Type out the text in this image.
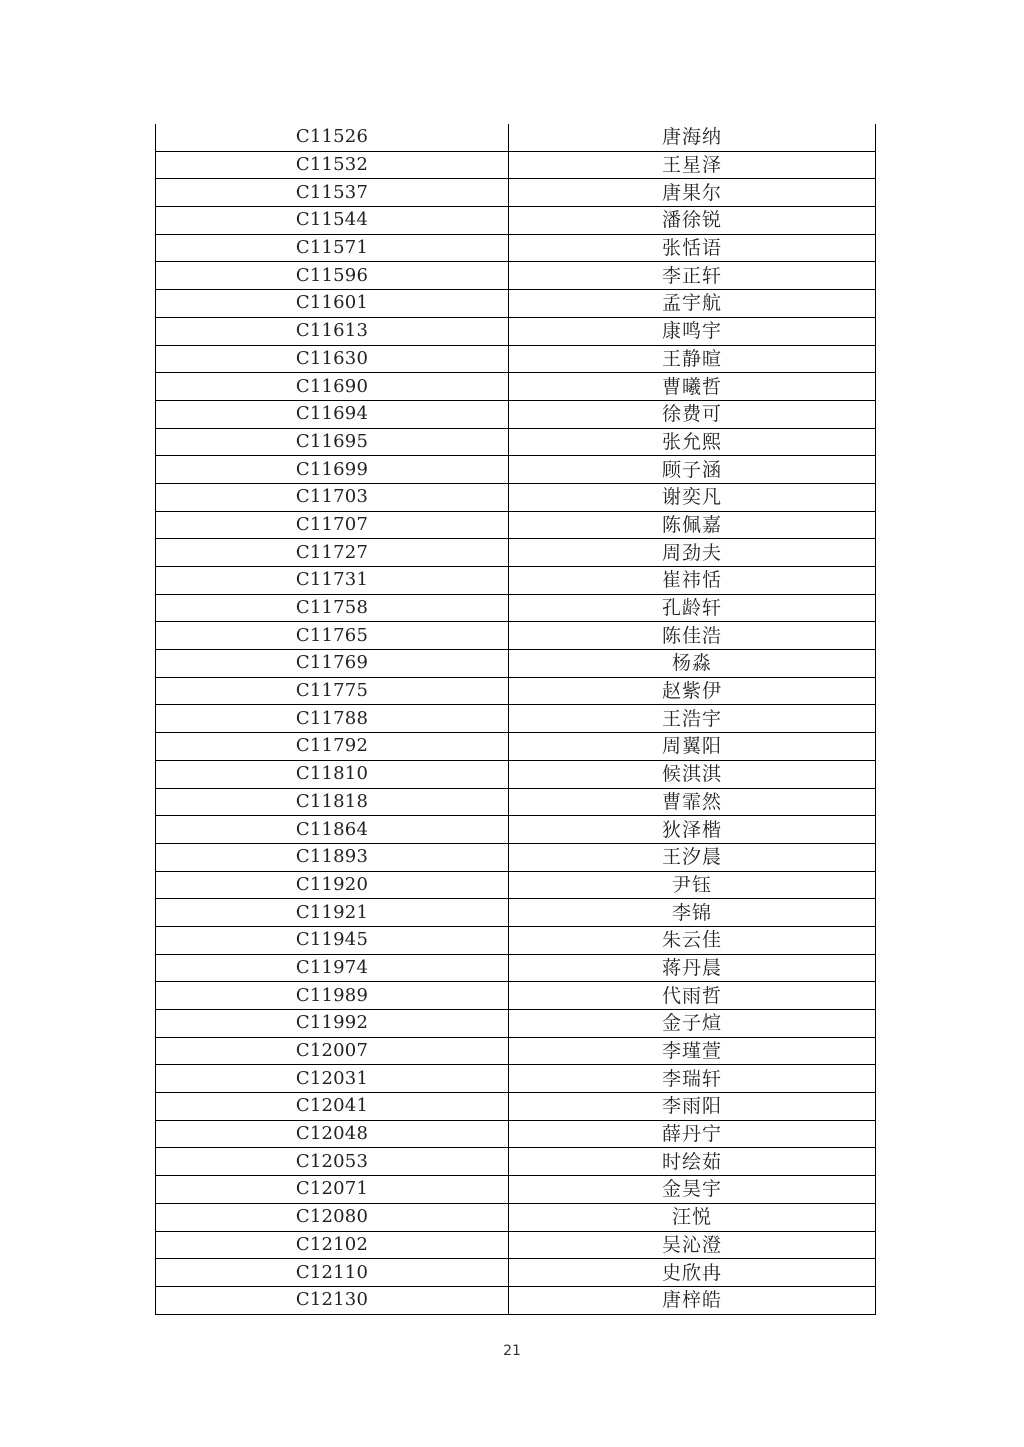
C11526	唐海纳
C11532	王星泽
C11537	唐果尔
C11544	潘徐锐
C11571	张恬语
C11596	李正轩
C11601	孟宇航
C11613	康鸣宇
C11630	王静暄
C11690	曹曦哲
C11694	徐费可
C11695	张允熙
C11699	顾子涵
C11703	谢奕凡
C11707	陈佩嘉
C11727	周劲夫
C11731	崔祎恬
C11758	孔龄轩
C11765	陈佳浩
C11769	杨淼
C11775	赵紫伊
C11788	王浩宇
C11792	周翼阳
C11810	候淇淇
C11818	曹霏然
C11864	狄泽楷
C11893	王汐晨
C11920	尹钰
C11921	李锦
C11945	朱云佳
C11974	蒋丹晨
C11989	代雨哲
C11992	金子煊
C12007	李瑾萱
C12031	李瑞轩
C12041	李雨阳
C12048	薛丹宁
C12053	时绘茹
C12071	金昊宇
C12080	汪悦
C12102	吴沁澄
C12110	史欣冉
C12130	唐梓皓
21
